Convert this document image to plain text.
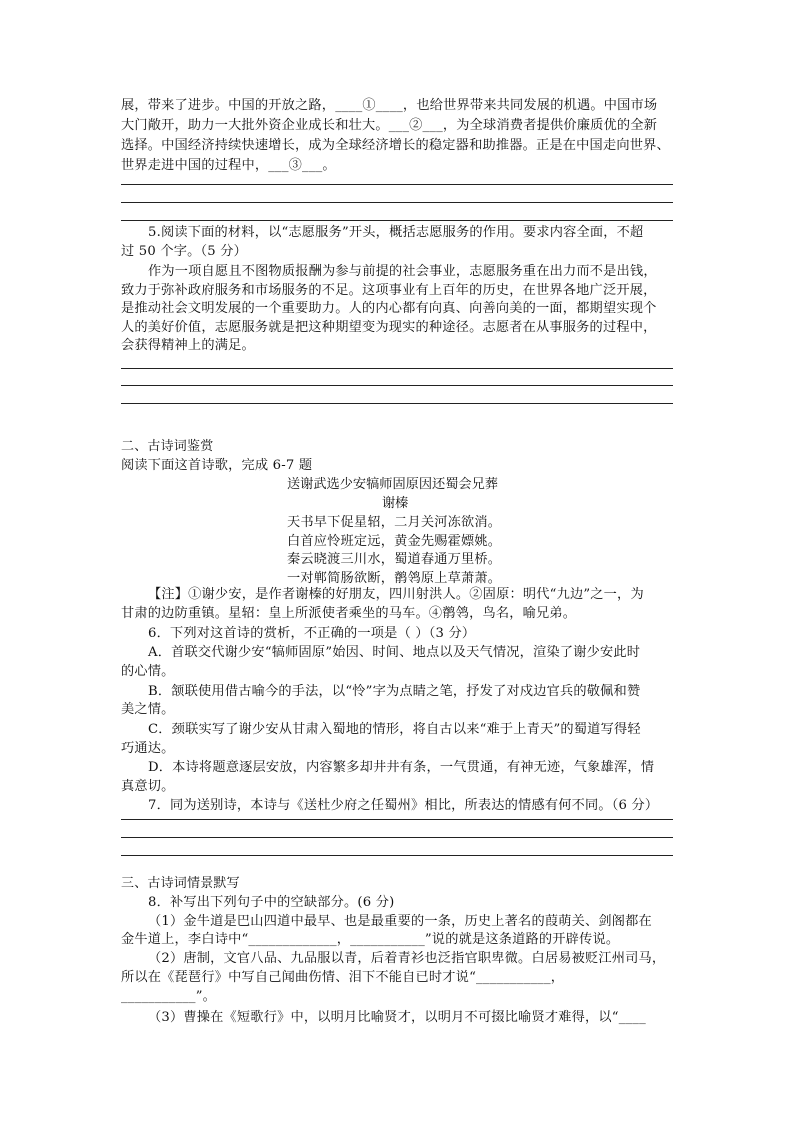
展，带来了进步。中国的开放之路，____①____，也给世界带来共同发展的机遇。中国市场
大门敞开，助力一大批外资企业成长和壮大。___②___，为全球消费者提供价廉质优的全新
选择。中国经济持续快速增长，成为全球经济增长的稳定器和助推器。正是在中国走向世界、
世界走进中国的过程中，___③___。
5.阅读下面的材料，以“志愿服务”开头，概括志愿服务的作用。要求内容全面，不超
过 50 个字。（5 分）
作为一项自愿且不图物质报酬为参与前提的社会事业，志愿服务重在出力而不是出钱，
致力于弥补政府服务和市场服务的不足。这项事业有上百年的历史，在世界各地广泛开展，
是推动社会文明发展的一个重要助力。人的内心都有向真、向善向美的一面，都期望实现个
人的美好价值，志愿服务就是把这种期望变为现实的种途径。志愿者在从事服务的过程中，
会获得精神上的满足。
二、古诗词鉴赏
阅读下面这首诗歌，完成 6-7 题
送谢武选少安犒师固原因还蜀会兄葬
谢榛
天书早下促星轺，二月关河冻欲消。
白首应怜班定远，黄金先赐霍嫖姚。
秦云晓渡三川水，蜀道春通万里桥。
一对郸简肠欲断，鹡鸰原上草萧萧。
【注】①谢少安，是作者谢榛的好朋友，四川射洪人。②固原：明代“九边”之一，为
甘肃的边防重镇。星轺：皇上所派使者乘坐的马车。④鹡鸰，鸟名，喻兄弟。
6．下列对这首诗的赏析，不正确的一项是（ ）（3 分）
A．首联交代谢少安“犒师固原”始因、时间、地点以及天气情况，渲染了谢少安此时
的心情。
B．颔联使用借古喻今的手法，以“怜”字为点睛之笔，抒发了对戍边官兵的敬佩和赞
美之情。
C．颈联实写了谢少安从甘肃入蜀地的情形，将自古以来“难于上青天”的蜀道写得轻
巧通达。
D．本诗将题意逐层安放，内容繁多却井井有条，一气贯通，有神无迹，气象雄浑，情
真意切。
7．同为送别诗，本诗与《送杜少府之任蜀州》相比，所表达的情感有何不同。（6 分）
三、古诗词情景默写
8．补写出下列句子中的空缺部分。(6 分)
（1）金牛道是巴山四道中最早、也是最重要的一条，历史上著名的葭萌关、剑阁都在
金牛道上，李白诗中“_____________，___________”说的就是这条道路的开辟传说。
（2）唐制，文官八品、九品服以青，后着青衫也泛指官职卑微。白居易被贬江州司马，
所以在《琵琶行》中写自己闻曲伤情、泪下不能自已时才说“___________，
___________”。
（3）曹操在《短歌行》中，以明月比喻贤才，以明月不可掇比喻贤才难得，以“____
